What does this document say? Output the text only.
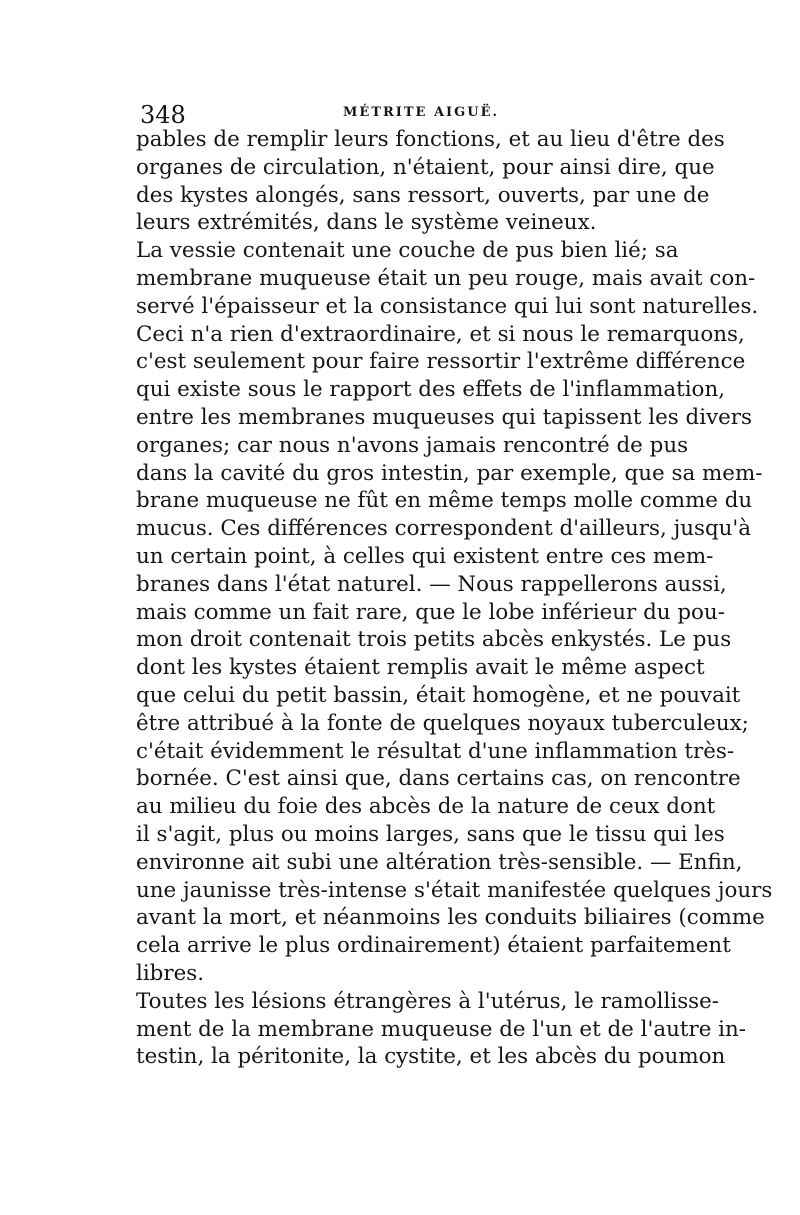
348	MÉTRITE AIGUË.
pables de remplir leurs fonctions, et au lieu d'être des
organes de circulation, n'étaient, pour ainsi dire, que
des kystes alongés, sans ressort, ouverts, par une de
leurs extrémités, dans le système veineux.
La vessie contenait une couche de pus bien lié; sa
membrane muqueuse était un peu rouge, mais avait con-
servé l'épaisseur et la consistance qui lui sont naturelles.
Ceci n'a rien d'extraordinaire, et si nous le remarquons,
c'est seulement pour faire ressortir l'extrême différence
qui existe sous le rapport des effets de l'inflammation,
entre les membranes muqueuses qui tapissent les divers
organes; car nous n'avons jamais rencontré de pus
dans la cavité du gros intestin, par exemple, que sa mem-
brane muqueuse ne fût en même temps molle comme du
mucus. Ces différences correspondent d'ailleurs, jusqu'à
un certain point, à celles qui existent entre ces mem-
branes dans l'état naturel. — Nous rappellerons aussi,
mais comme un fait rare, que le lobe inférieur du pou-
mon droit contenait trois petits abcès enkystés. Le pus
dont les kystes étaient remplis avait le même aspect
que celui du petit bassin, était homogène, et ne pouvait
être attribué à la fonte de quelques noyaux tuberculeux;
c'était évidemment le résultat d'une inflammation très-
bornée. C'est ainsi que, dans certains cas, on rencontre
au milieu du foie des abcès de la nature de ceux dont
il s'agit, plus ou moins larges, sans que le tissu qui les
environne ait subi une altération très-sensible. — Enfin,
une jaunisse très-intense s'était manifestée quelques jours
avant la mort, et néanmoins les conduits biliaires (comme
cela arrive le plus ordinairement) étaient parfaitement
libres.
Toutes les lésions étrangères à l'utérus, le ramollisse-
ment de la membrane muqueuse de l'un et de l'autre in-
testin, la péritonite, la cystite, et les abcès du poumon
